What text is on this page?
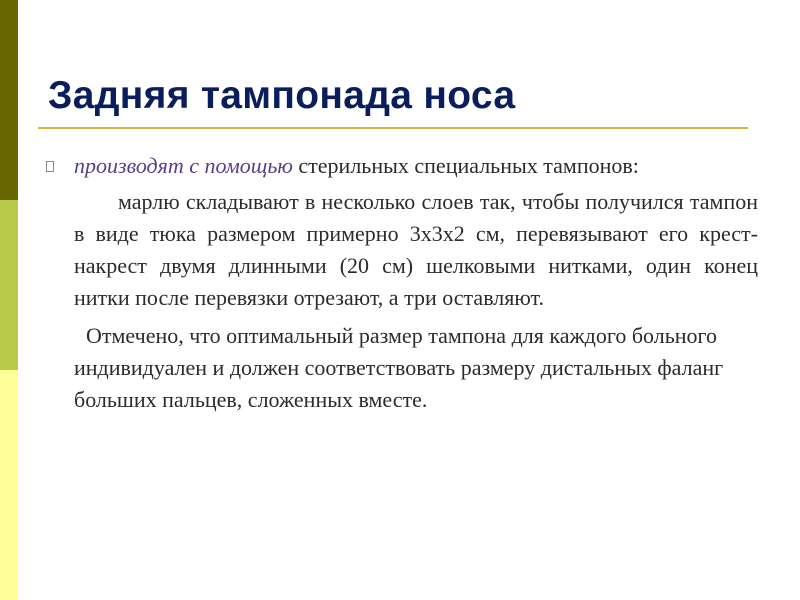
Задняя тампонада носа
производят с помощью стерильных специальных тампонов:

марлю складывают в несколько слоев так, чтобы получился тампон в виде тюка размером примерно 3х3х2 см, перевязывают его крест-накрест двумя длинными (20 см) шелковыми нитками, один конец нитки после перевязки отрезают, а три оставляют.

Отмечено, что оптимальный размер тампона для каждого больного индивидуален и должен соответствовать размеру дистальных фаланг больших пальцев, сложенных вместе.
